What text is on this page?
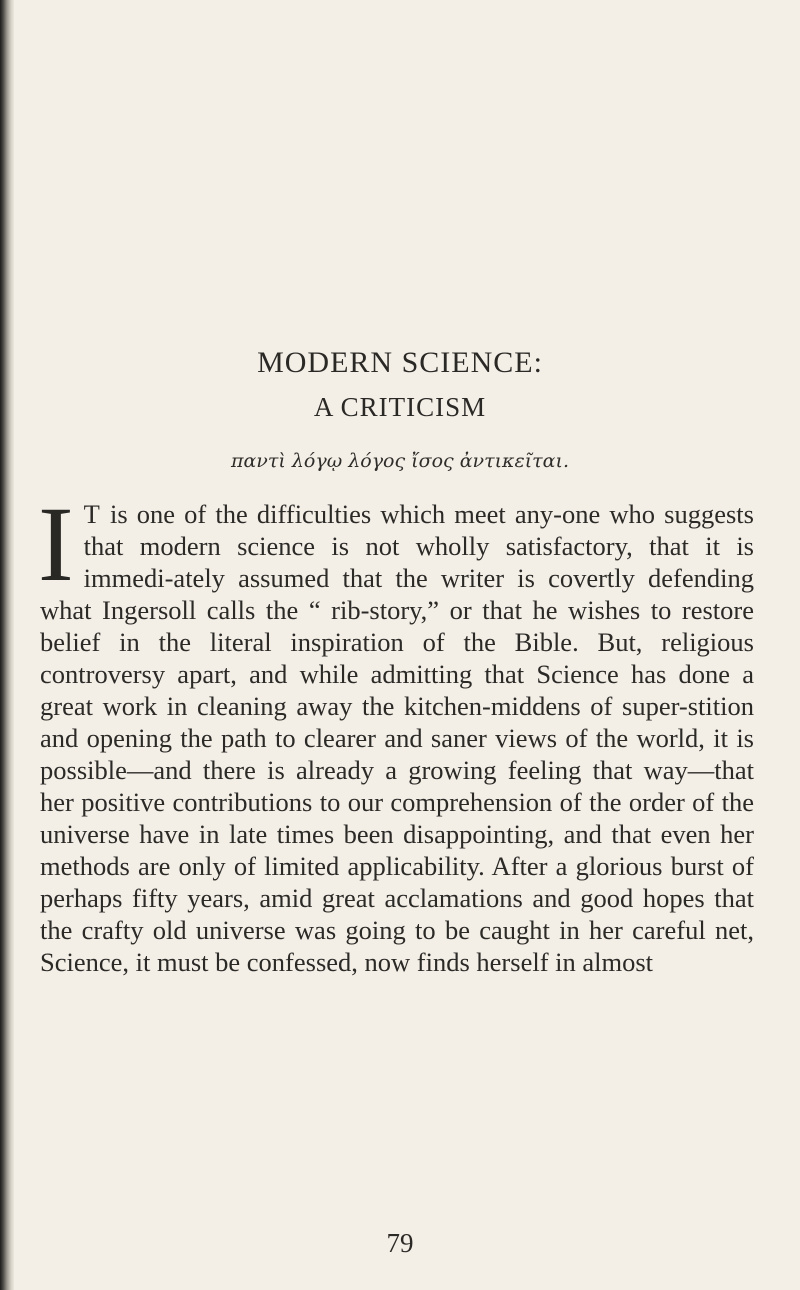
MODERN SCIENCE:
A CRITICISM
παντὶ λόγῳ λόγος ἴσος ἀντικεῖται.
I T is one of the difficulties which meet any-one who suggests that modern science is not wholly satisfactory, that it is immedi-ately assumed that the writer is covertly defending what Ingersoll calls the “ rib-story,” or that he wishes to restore belief in the literal inspiration of the Bible. But, religious controversy apart, and while admitting that Science has done a great work in cleaning away the kitchen-middens of super-stition and opening the path to clearer and saner views of the world, it is possible—and there is already a growing feeling that way—that her positive contributions to our comprehension of the order of the universe have in late times been disappointing, and that even her methods are only of limited applicability. After a glorious burst of perhaps fifty years, amid great acclamations and good hopes that the crafty old universe was going to be caught in her careful net, Science, it must be confessed, now finds herself in almost
79
